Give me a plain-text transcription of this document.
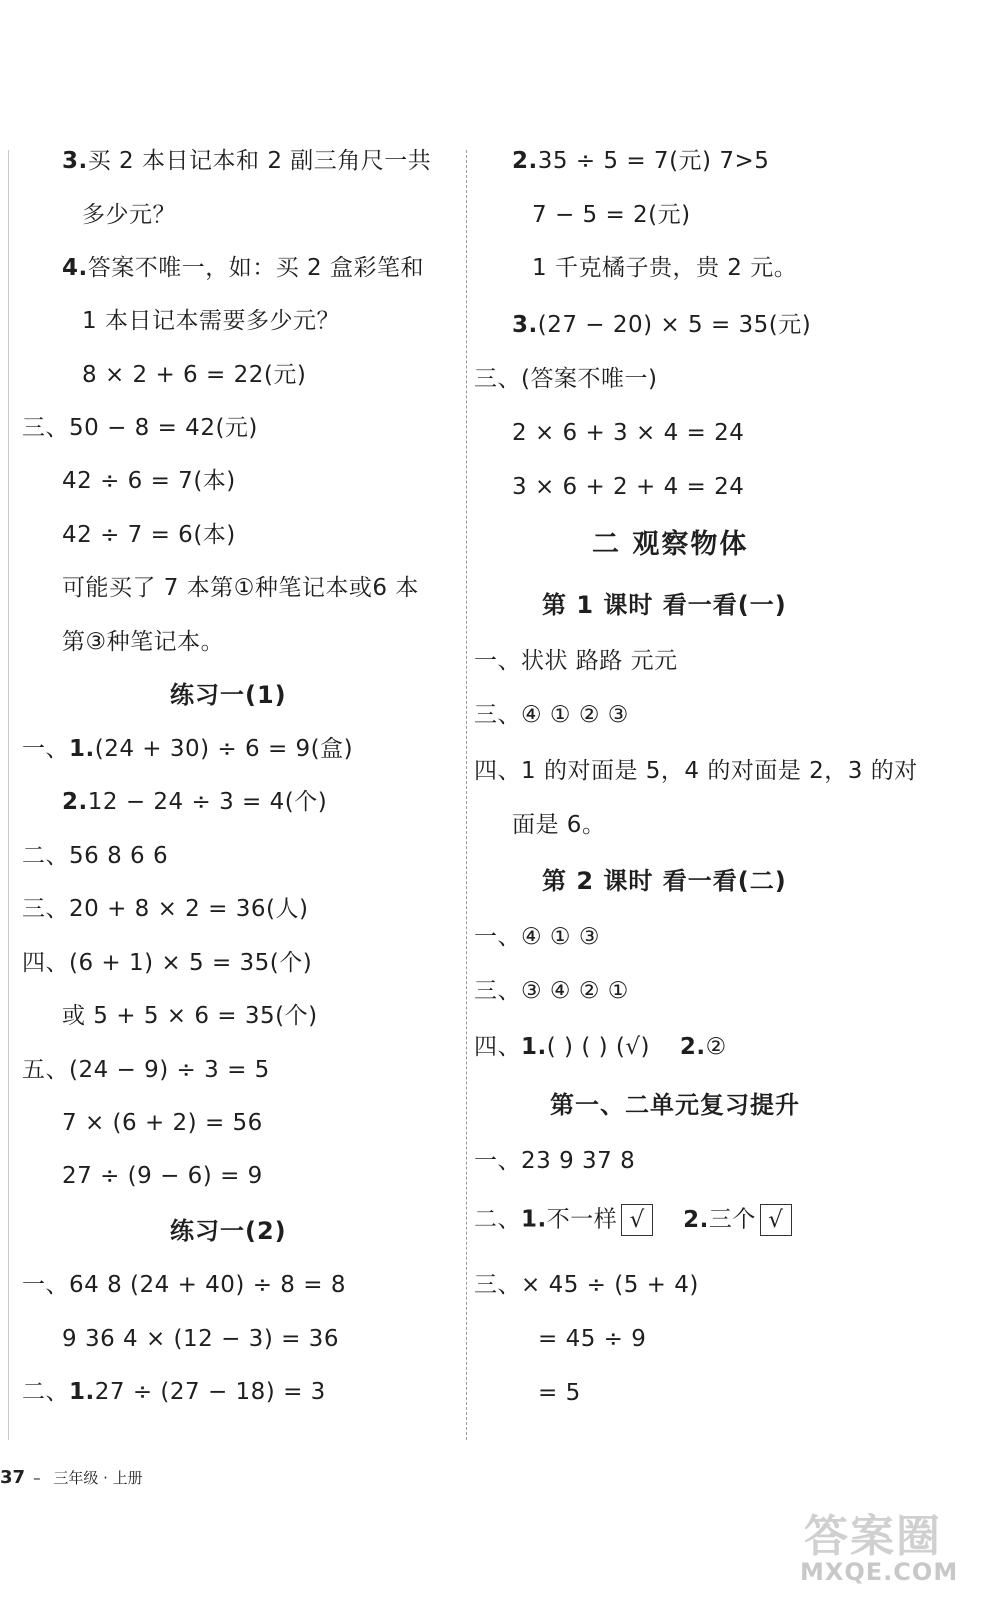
3.买 2 本日记本和 2 副三角尺一共
多少元？
4.答案不唯一，如：买 2 盒彩笔和
1 本日记本需要多少元？
8 × 2 + 6 = 22(元)
三、50 − 8 = 42(元)
42 ÷ 6 = 7(本)
42 ÷ 7 = 6(本)
可能买了 7 本第①种笔记本或6 本
第③种笔记本。
练习一(1)
一、1.(24 + 30) ÷ 6 = 9(盒)
2.12 − 24 ÷ 3 = 4(个)
二、56 8 6 6
三、20 + 8 × 2 = 36(人)
四、(6 + 1) × 5 = 35(个)
或 5 + 5 × 6 = 35(个)
五、(24 − 9) ÷ 3 = 5
7 × (6 + 2) = 56
27 ÷ (9 − 6) = 9
练习一(2)
一、64 8 (24 + 40) ÷ 8 = 8
9 36 4 × (12 − 3) = 36
二、1.27 ÷ (27 − 18) = 3
2.35 ÷ 5 = 7(元) 7>5
7 − 5 = 2(元)
1 千克橘子贵，贵 2 元。
3.(27 − 20) × 5 = 35(元)
三、(答案不唯一)
2 × 6 + 3 × 4 = 24
3 × 6 + 2 + 4 = 24
二 观察物体
第 1 课时 看一看(一)
一、状状 路路 元元
三、④ ① ② ③
四、1 的对面是 5，4 的对面是 2，3 的对
面是 6。
第 2 课时 看一看(二)
一、④ ① ③
三、③ ④ ② ①
四、1.( ) ( ) (√) 2.②
第一、二单元复习提升
一、23 9 37 8
二、1.不一样 √ 2.三个 √
三、× 45 ÷ (5 + 4)
= 45 ÷ 9
= 5
37 – 三年级 · 上册
答案圈
MXQE.COM
